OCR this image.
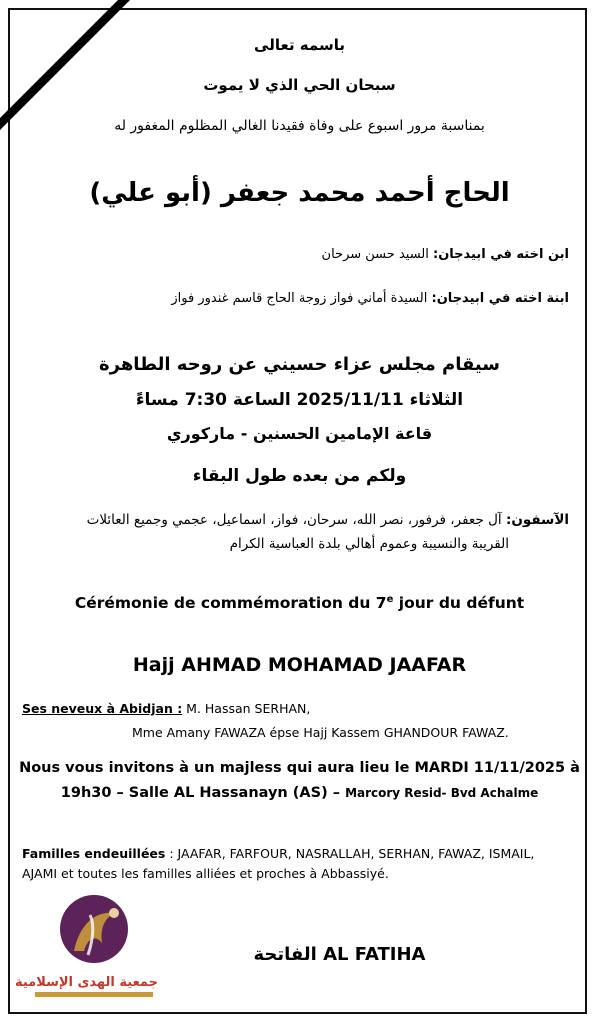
باسمه تعالى
سبحان الحي الذي لا يموت
بمناسبة مرور اسبوع على وفاة فقيدنا الغالي المظلوم المغفور له
الحاج أحمد محمد جعفر (أبو علي)
ابن اخته في ابيدجان: السيد حسن سرحان
ابنة اخته في ابيدجان: السيدة أماني فواز زوجة الحاج قاسم غندور فواز
سيقام مجلس عزاء حسيني عن روحه الطاهرة
الثلاثاء 2025/11/11 الساعة 7:30 مساءً
قاعة الإمامين الحسنين - ماركوري
ولكم من بعده طول البقاء
الآسفون: آل جعفر، فرفور، نصر الله، سرحان، فواز، اسماعيل، عجمي وجميع العائلات
القريبة والنسيبة وعموم أهالي بلدة العباسية الكرام
Cérémonie de commémoration du 7e jour du défunt
Hajj AHMAD MOHAMAD JAAFAR
Ses neveux à Abidjan : M. Hassan SERHAN,
Mme Amany FAWAZA épse Hajj Kassem GHANDOUR FAWAZ.
Nous vous invitons à un majless qui aura lieu le MARDI 11/11/2025 à
19h30 – Salle AL Hassanayn (AS) – Marcory Resid- Bvd Achalme
Familles endeuillées : JAAFAR, FARFOUR, NASRALLAH, SERHAN, FAWAZ, ISMAIL,
AJAMI et toutes les familles alliées et proches à Abbassiyé.
جمعية الهدى الإسلامية
الفاتحة AL FATIHA
